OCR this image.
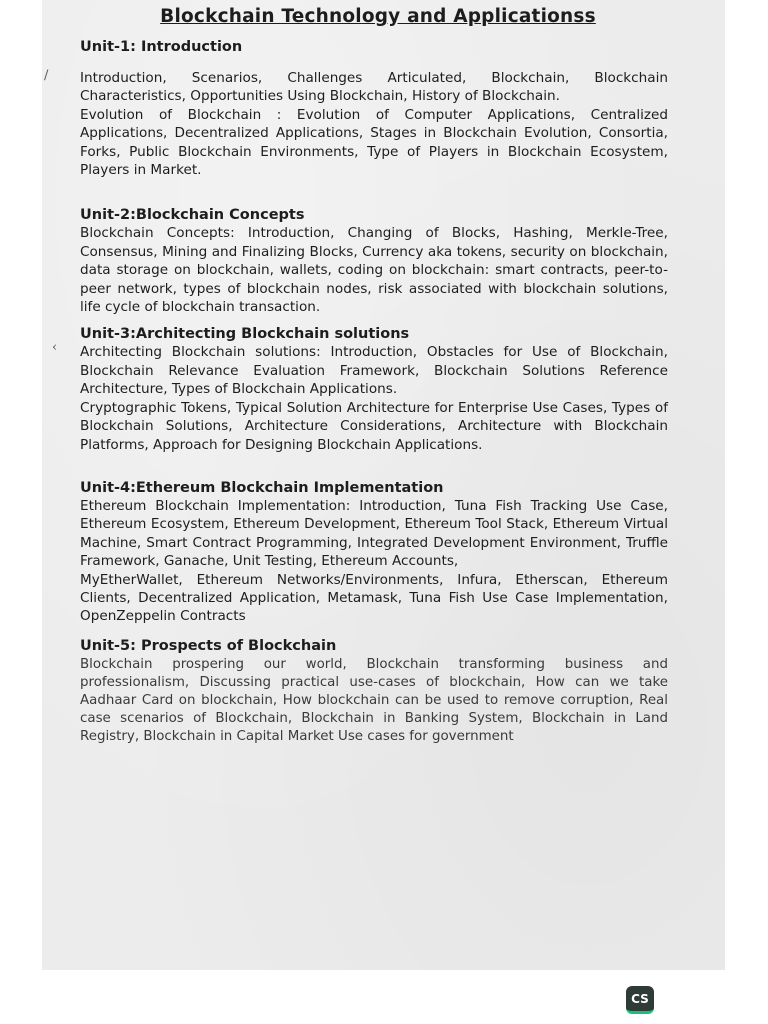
/
‹
Blockchain Technology and Applicationss
Unit-1: Introduction

Introduction, Scenarios, Challenges Articulated, Blockchain, Blockchain Characteristics, Opportunities Using Blockchain, History of Blockchain.
Evolution of Blockchain : Evolution of Computer Applications, Centralized Applications, Decentralized Applications, Stages in Blockchain Evolution, Consortia, Forks, Public Blockchain Environments, Type of Players in Blockchain Ecosystem, Players in Market.

Unit-2:Blockchain Concepts

Blockchain Concepts: Introduction, Changing of Blocks, Hashing, Merkle-Tree, Consensus, Mining and Finalizing Blocks, Currency aka tokens, security on blockchain, data storage on blockchain, wallets, coding on blockchain: smart contracts, peer-to-peer network, types of blockchain nodes, risk associated with blockchain solutions, life cycle of blockchain transaction.

Unit-3:Architecting Blockchain solutions

Architecting Blockchain solutions: Introduction, Obstacles for Use of Blockchain, Blockchain Relevance Evaluation Framework, Blockchain Solutions Reference Architecture, Types of Blockchain Applications.
Cryptographic Tokens, Typical Solution Architecture for Enterprise Use Cases, Types of Blockchain Solutions, Architecture Considerations, Architecture with Blockchain Platforms, Approach for Designing Blockchain Applications.

Unit-4:Ethereum Blockchain Implementation

Ethereum Blockchain Implementation: Introduction, Tuna Fish Tracking Use Case, Ethereum Ecosystem, Ethereum Development, Ethereum Tool Stack, Ethereum Virtual Machine, Smart Contract Programming, Integrated Development Environment, Truffle Framework, Ganache, Unit Testing, Ethereum Accounts,
MyEtherWallet, Ethereum Networks/Environments, Infura, Etherscan, Ethereum Clients, Decentralized Application, Metamask, Tuna Fish Use Case Implementation, OpenZeppelin Contracts

Unit-5: Prospects of Blockchain

Blockchain prospering our world, Blockchain transforming business and professionalism, Discussing practical use-cases of blockchain, How can we take Aadhaar Card on blockchain, How blockchain can be used to remove corruption, Real case scenarios of Blockchain, Blockchain in Banking System, Blockchain in Land Registry, Blockchain in Capital Market Use cases for government

CS
